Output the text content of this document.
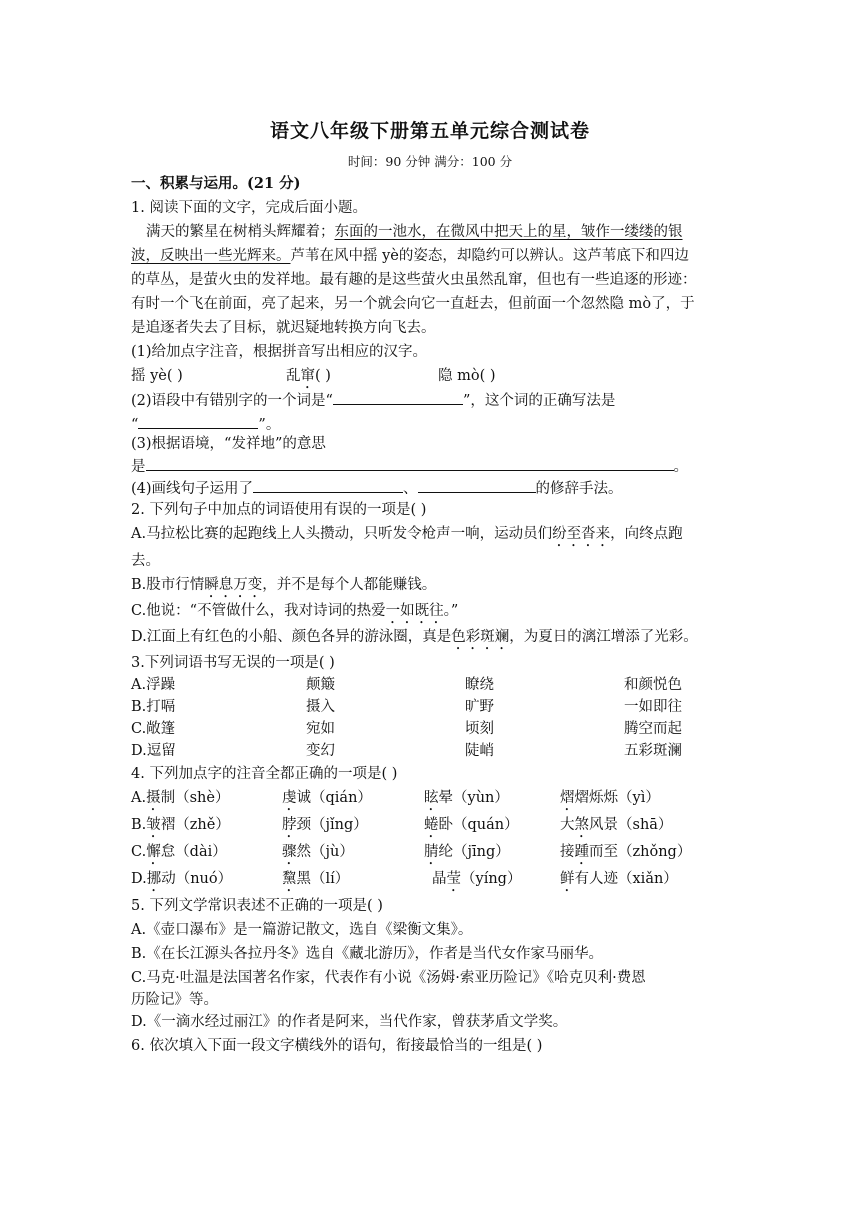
语文八年级下册第五单元综合测试卷
时间：90 分钟 满分：100 分
一、积累与运用。(21 分)
1. 阅读下面的文字，完成后面小题。
满天的繁星在树梢头辉耀着；东面的一池水，在微风中把天上的星，皱作一缕缕的银
波，反映出一些光辉来。芦苇在风中摇 yè的姿态，却隐约可以辨认。这芦苇底下和四边
的草丛，是萤火虫的发祥地。最有趣的是这些萤火虫虽然乱窜，但也有一些追逐的形迹：
有时一个飞在前面，亮了起来，另一个就会向它一直赶去，但前面一个忽然隐 mò了，于
是追逐者失去了目标，就迟疑地转换方向飞去。
(1)给加点字注音，根据拼音写出相应的汉字。
摇 yè( )	乱窜( )	隐 mò( )
(2)语段中有错别字的一个词是“	”，这个词的正确写法是
“	”。
(3)根据语境，“发祥地”的意思
是	。
(4)画线句子运用了	、	的修辞手法。
2. 下列句子中加点的词语使用有误的一项是( )
A.马拉松比赛的起跑线上人头攒动，只听发令枪声一响，运动员们纷至沓来，向终点跑
去。
B.股市行情瞬息万变，并不是每个人都能赚钱。
C.他说：“不管做什么，我对诗词的热爱一如既往。”
D.江面上有红色的小船、颜色各异的游泳圈，真是色彩斑斓，为夏日的漓江增添了光彩。
3.下列词语书写无误的一项是( )
A.浮躁	颠簸	瞭绕	和颜悦色
B.打嗝	摄入	旷野	一如即往
C.敞篷	宛如	顷刻	腾空而起
D.逗留	变幻	陡峭	五彩斑澜
4. 下列加点字的注音全都正确的一项是( )
A.摄制（shè）	虔诚（qián）	眩晕（yùn）	熠熠烁烁（yì）
B.皱褶（zhě）	脖颈（jǐng）	蜷卧（quán）	大煞风景（shā）
C.懈怠（dài）	骤然（jù）	腈纶（jīng）	接踵而至（zhǒng）
D.挪动（nuó）	黧黑（lí）	晶莹（yíng）	鲜有人迹（xiǎn）
5. 下列文学常识表述不正确的一项是( )
A.《壶口瀑布》是一篇游记散文，选自《梁衡文集》。
B.《在长江源头各拉丹冬》选自《藏北游历》，作者是当代女作家马丽华。
C.马克·吐温是法国著名作家，代表作有小说《汤姆·索亚历险记》《哈克贝利·费恩
历险记》等。
D.《一滴水经过丽江》的作者是阿来，当代作家，曾获茅盾文学奖。
6. 依次填入下面一段文字横线外的语句，衔接最恰当的一组是( )
